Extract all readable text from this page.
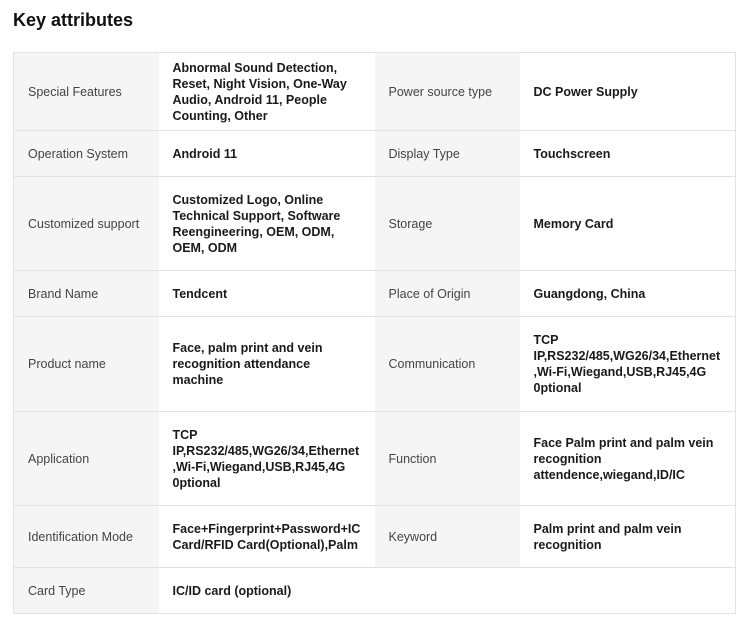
Key attributes
Special Features	Abnormal Sound Detection, Reset, Night Vision, One-Way Audio, Android 11, People Counting, Other	Power source type	DC Power Supply
Operation System	Android 11	Display Type	Touchscreen
Customized support	Customized Logo, Online Technical Support, Software Reengineering, OEM, ODM, OEM, ODM	Storage	Memory Card
Brand Name	Tendcent	Place of Origin	Guangdong, China
Product name	Face, palm print and vein recognition attendance machine	Communication	TCP IP,RS232/485,WG26/34,Ethernet,Wi-Fi,Wiegand,USB,RJ45,4G 0ptional
Application	TCP IP,RS232/485,WG26/34,Ethernet,Wi-Fi,Wiegand,USB,RJ45,4G 0ptional	Function	Face Palm print and palm vein recognition attendence,wiegand,ID/IC
Identification Mode	Face+Fingerprint+Password+IC Card/RFID Card(Optional),Palm	Keyword	Palm print and palm vein recognition
Card Type	IC/ID card (optional)		
